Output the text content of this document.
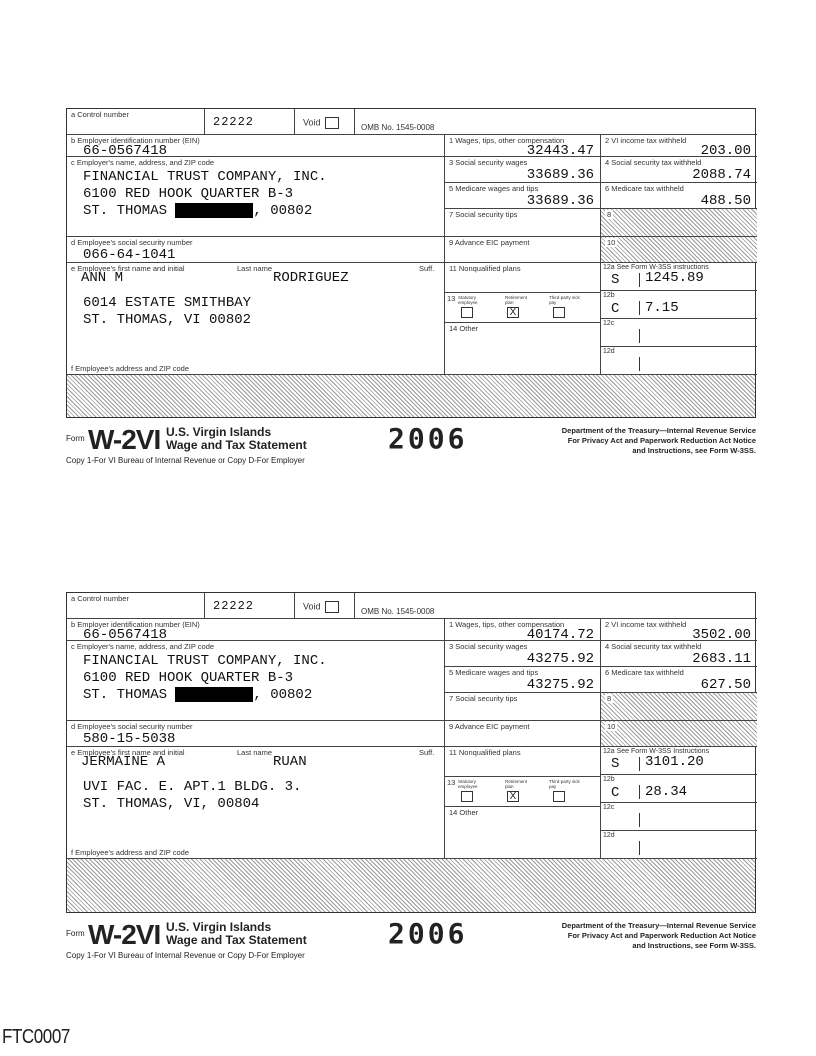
a Control number
22222	Void
OMB No. 1545-0008
b Employer identification number (EIN)
66-0567418
c Employer's name, address, and ZIP code
FINANCIAL TRUST COMPANY, INC.
6100 RED HOOK QUARTER B-3
ST. THOMAS	, 00802
d Employee's social security number
066-64-1041
e Employee's first name and initial	Last name	Suff.
ANN M	RODRIGUEZ
6014 ESTATE SMITHBAY
ST. THOMAS, VI 00802
f Employee's address and ZIP code
1 Wages, tips, other compensation
32443.47
3 Social security wages
33689.36
5 Medicare wages and tips
33689.36
7 Social security tips
9 Advance EIC payment
11 Nonqualified plans
13 Statutory employee
Retirement plan
Third-party sick pay
X
14 Other
2 VI income tax withheld
203.00
4 Social security tax withheld
2088.74
6 Medicare tax withheld
488.50
8
10
12a See Form W-3SS instructions
S 1245.89
12b
C 7.15
12c
12d
Form W-2VI U.S. Virgin Islands
Wage and Tax Statement	2006	Department of the Treasury—Internal Revenue Service
For Privacy Act and Paperwork Reduction Act Notice
and Instructions, see Form W-3SS.
Copy 1-For VI Bureau of Internal Revenue or Copy D-For Employer
a Control number
22222	Void
OMB No. 1545-0008
b Employer identification number (EIN)
66-0567418
c Employer's name, address, and ZIP code
FINANCIAL TRUST COMPANY, INC.
6100 RED HOOK QUARTER B-3
ST. THOMAS	, 00802
d Employee's social security number
580-15-5038
e Employee's first name and initial	Last name	Suff.
JERMAINE A	RUAN
UVI FAC. E. APT.1 BLDG. 3.
ST. THOMAS, VI, 00804
f Employee's address and ZIP code
1 Wages, tips, other compensation
40174.72
3 Social security wages
43275.92
5 Medicare wages and tips
43275.92
7 Social security tips
9 Advance EIC payment
11 Nonqualified plans
13 Statutory employee
Retirement plan
Third-party sick pay
X
14 Other
2 VI income tax withheld
3502.00
4 Social security tax withheld
2683.11
6 Medicare tax withheld
627.50
8
10
12a See Form W-3SS Instructions
S 3101.20
12b
C 28.34
12c
12d
Form W-2VI U.S. Virgin Islands
Wage and Tax Statement	2006	Department of the Treasury—Internal Revenue Service
For Privacy Act and Paperwork Reduction Act Notice
and Instructions, see Form W-3SS.
Copy 1-For VI Bureau of Internal Revenue or Copy D-For Employer
FTC0007
